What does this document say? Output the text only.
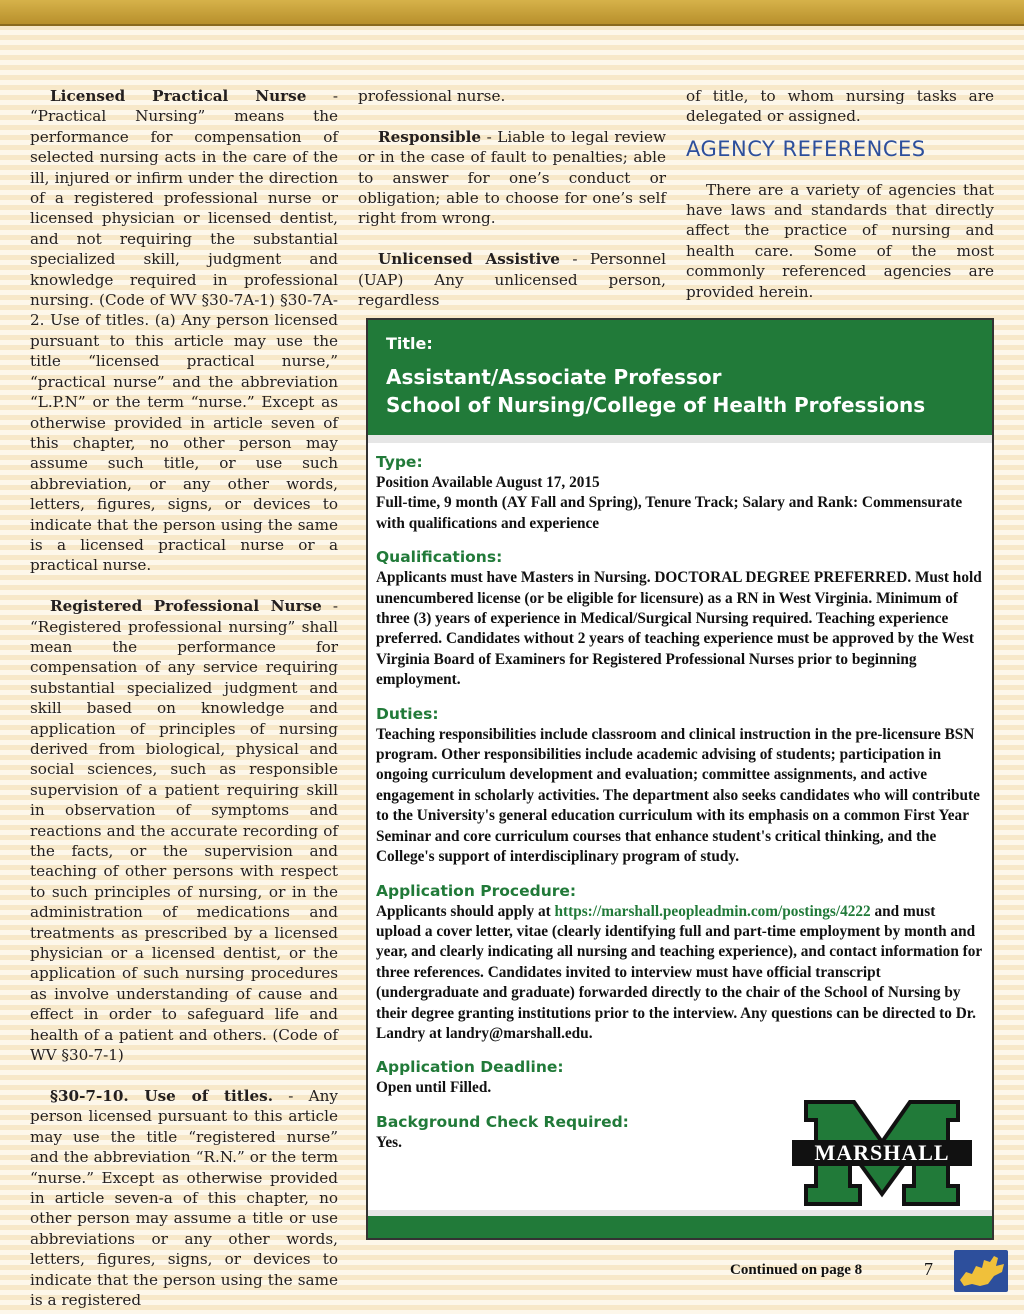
Licensed Practical Nurse - “Practical Nursing” means the performance for compensation of selected nursing acts in the care of the ill, injured or infirm under the direction of a registered professional nurse or licensed physician or licensed dentist, and not requiring the substantial specialized skill, judgment and knowledge required in professional nursing. (Code of WV §30-7A-1) §30-7A-2. Use of titles. (a) Any person licensed pursuant to this article may use the title “licensed practical nurse,” “practical nurse” and the abbreviation “L.P.N” or the term “nurse.” Except as otherwise provided in article seven of this chapter, no other person may assume such title, or use such abbreviation, or any other words, letters, figures, signs, or devices to indicate that the person using the same is a licensed practical nurse or a practical nurse.

Registered Professional Nurse - “Registered professional nursing” shall mean the performance for compensation of any service requiring substantial specialized judgment and skill based on knowledge and application of principles of nursing derived from biological, physical and social sciences, such as responsible supervision of a patient requiring skill in observation of symptoms and reactions and the accurate recording of the facts, or the supervision and teaching of other persons with respect to such principles of nursing, or in the administration of medications and treatments as prescribed by a licensed physician or a licensed dentist, or the application of such nursing procedures as involve understanding of cause and effect in order to safeguard life and health of a patient and others. (Code of WV §30-7-1)

§30-7-10. Use of titles. - Any person licensed pursuant to this article may use the title “registered nurse” and the abbreviation “R.N.” or the term “nurse.” Except as otherwise provided in article seven-a of this chapter, no other person may assume a title or use abbreviations or any other words, letters, figures, signs, or devices to indicate that the person using the same is a registered

professional nurse.

Responsible - Liable to legal review or in the case of fault to penalties; able to answer for one’s conduct or obligation; able to choose for one’s self right from wrong.

Unlicensed Assistive - Personnel (UAP) Any unlicensed person, regardless

of title, to whom nursing tasks are delegated or assigned.

AGENCY REFERENCES

There are a variety of agencies that have laws and standards that directly affect the practice of nursing and health care. Some of the most commonly referenced agencies are provided herein.

Title:
Assistant/Associate Professor
School of Nursing/College of Health Professions
Type:

Position Available August 17, 2015

Full-time, 9 month (AY Fall and Spring), Tenure Track; Salary and Rank: Commensurate with qualifications and experience

Qualifications:

Applicants must have Masters in Nursing. DOCTORAL DEGREE PREFERRED. Must hold unencumbered license (or be eligible for licensure) as a RN in West Virginia. Minimum of three (3) years of experience in Medical/Surgical Nursing required. Teaching experience preferred. Candidates without 2 years of teaching experience must be approved by the West Virginia Board of Examiners for Registered Professional Nurses prior to beginning employment.

Duties:

Teaching responsibilities include classroom and clinical instruction in the pre-licensure BSN program. Other responsibilities include academic advising of students; participation in ongoing curriculum development and evaluation; committee assignments, and active engagement in scholarly activities. The department also seeks candidates who will contribute to the University's general education curriculum with its emphasis on a common First Year Seminar and core curriculum courses that enhance student's critical thinking, and the College's support of interdisciplinary program of study.

Application Procedure:

Applicants should apply at https://marshall.peopleadmin.com/postings/4222 and must upload a cover letter, vitae (clearly identifying full and part-time employment by month and year, and clearly indicating all nursing and teaching experience), and contact information for three references. Candidates invited to interview must have official transcript (undergraduate and graduate) forwarded directly to the chair of the School of Nursing by their degree granting institutions prior to the interview. Any questions can be directed to Dr. Landry at landry@marshall.edu.

Application Deadline:

Open until Filled.

Background Check Required:

Yes.	MARSHALL
Continued on page 8	7
